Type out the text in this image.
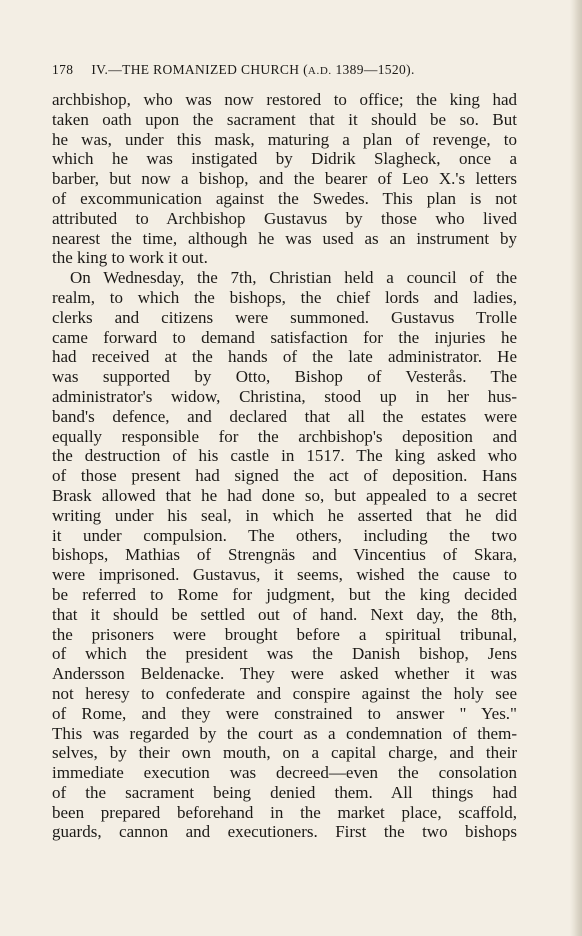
178 IV.—THE ROMANIZED CHURCH (A.D. 1389—1520).
archbishop, who was now restored to office; the king had
taken oath upon the sacrament that it should be so. But
he was, under this mask, maturing a plan of revenge, to
which he was instigated by Didrik Slagheck, once a
barber, but now a bishop, and the bearer of Leo X.'s letters
of excommunication against the Swedes. This plan is not
attributed to Archbishop Gustavus by those who lived
nearest the time, although he was used as an instrument by
the king to work it out.
On Wednesday, the 7th, Christian held a council of the
realm, to which the bishops, the chief lords and ladies,
clerks and citizens were summoned. Gustavus Trolle
came forward to demand satisfaction for the injuries he
had received at the hands of the late administrator. He
was supported by Otto, Bishop of Vesterås. The
administrator's widow, Christina, stood up in her hus-
band's defence, and declared that all the estates were
equally responsible for the archbishop's deposition and
the destruction of his castle in 1517. The king asked who
of those present had signed the act of deposition. Hans
Brask allowed that he had done so, but appealed to a secret
writing under his seal, in which he asserted that he did
it under compulsion. The others, including the two
bishops, Mathias of Strengnäs and Vincentius of Skara,
were imprisoned. Gustavus, it seems, wished the cause to
be referred to Rome for judgment, but the king decided
that it should be settled out of hand. Next day, the 8th,
the prisoners were brought before a spiritual tribunal,
of which the president was the Danish bishop, Jens
Andersson Beldenacke. They were asked whether it was
not heresy to confederate and conspire against the holy see
of Rome, and they were constrained to answer " Yes."
This was regarded by the court as a condemnation of them-
selves, by their own mouth, on a capital charge, and their
immediate execution was decreed—even the consolation
of the sacrament being denied them. All things had
been prepared beforehand in the market place, scaffold,
guards, cannon and executioners. First the two bishops
